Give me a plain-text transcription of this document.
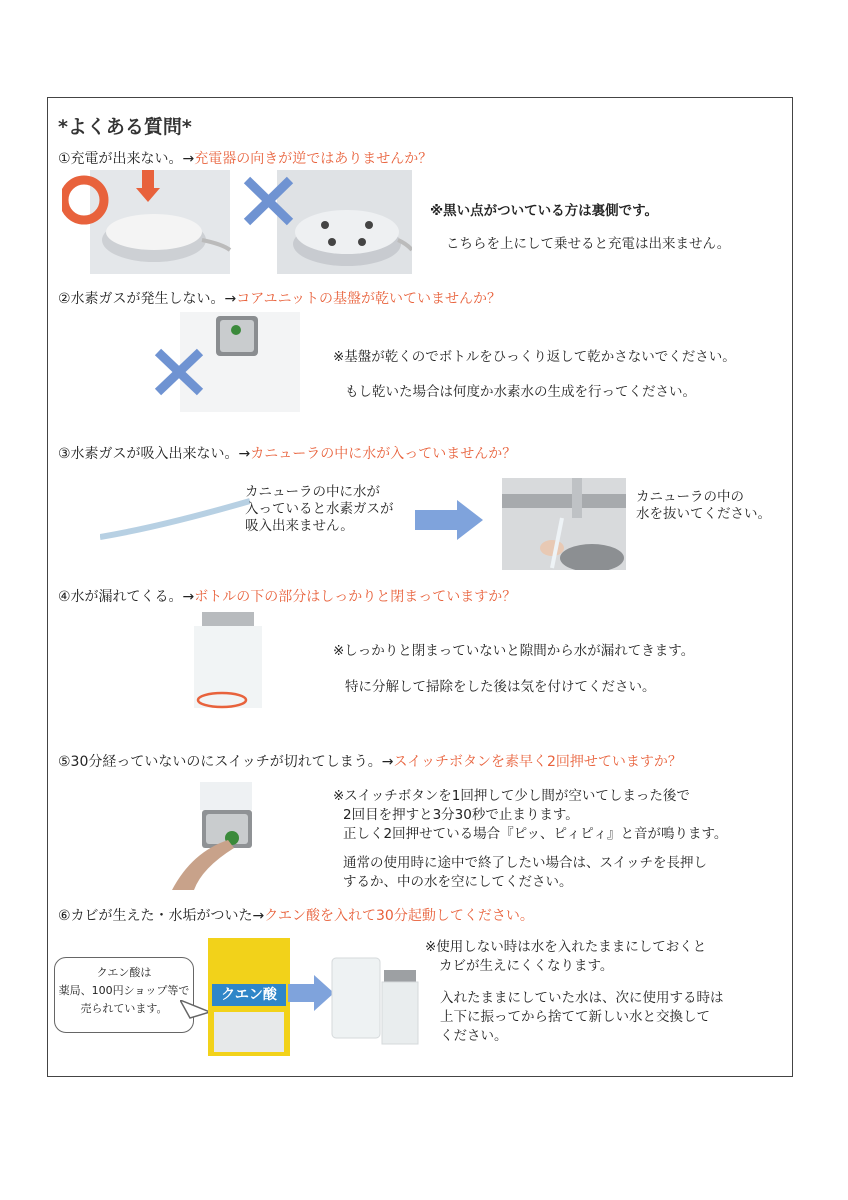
*よくある質問*
①充電が出来ない。→充電器の向きが逆ではありませんか？
※黒い点がついている方は裏側です。
こちらを上にして乗せると充電は出来ません。
②水素ガスが発生しない。→コアユニットの基盤が乾いていませんか？
※基盤が乾くのでボトルをひっくり返して乾かさないでください。
もし乾いた場合は何度か水素水の生成を行ってください。
③水素ガスが吸入出来ない。→カニューラの中に水が入っていませんか？
カニューラの中に水が
入っていると水素ガスが
吸入出来ません。
カニューラの中の
水を抜いてください。
④水が漏れてくる。→ボトルの下の部分はしっかりと閉まっていますか？
※しっかりと閉まっていないと隙間から水が漏れてきます。
特に分解して掃除をした後は気を付けてください。
⑤30分経っていないのにスイッチが切れてしまう。→スイッチボタンを素早く2回押せていますか？
※スイッチボタンを1回押して少し間が空いてしまった後で
2回目を押すと3分30秒で止まります。
正しく2回押せている場合『ピッ、ピィピィ』と音が鳴ります。
通常の使用時に途中で終了したい場合は、スイッチを長押し
するか、中の水を空にしてください。
⑥カビが生えた・水垢がついた→クエン酸を入れて30分起動してください。
クエン酸は
薬局、100円ショップ等で
売られています。
クエン酸
※使用しない時は水を入れたままにしておくと
カビが生えにくくなります。
入れたままにしていた水は、次に使用する時は
上下に振ってから捨てて新しい水と交換して
ください。
